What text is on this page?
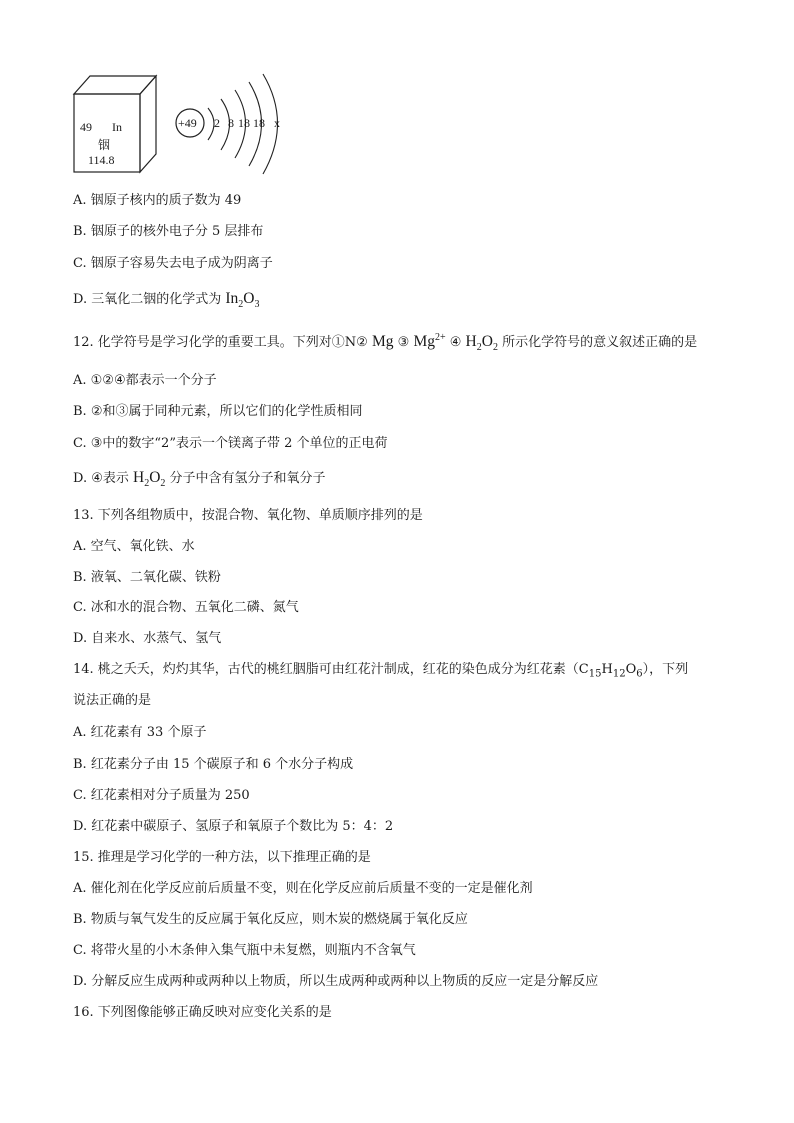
49 In
铟
114.8
+49 2 8 18 18 x
A. 铟原子核内的质子数为 49
B. 铟原子的核外电子分 5 层排布
C. 铟原子容易失去电子成为阴离子
D. 三氧化二铟的化学式为 $In_2O_3$
12. 化学符号是学习化学的重要工具。下列对①N② Mg ③ $Mg^{2+}$ ④ $H_2O_2$ 所示化学符号的意义叙述正确的是
A. ①②④都表示一个分子
B. ②和③属于同种元素，所以它们的化学性质相同
C. ③中的数字“2”表示一个镁离子带 2 个单位的正电荷
D. ④表示 $H_2O_2$ 分子中含有氢分子和氧分子
13. 下列各组物质中，按混合物、氧化物、单质顺序排列的是
A. 空气、氧化铁、水
B. 液氧、二氧化碳、铁粉
C. 冰和水的混合物、五氧化二磷、氮气
D. 自来水、水蒸气、氢气
14. 桃之夭夭，灼灼其华，古代的桃红胭脂可由红花汁制成，红花的染色成分为红花素$(C_{15}H_{12}O_6)$，下列
说法正确的是
A. 红花素有 33 个原子
B. 红花素分子由 15 个碳原子和 6 个水分子构成
C. 红花素相对分子质量为 250
D. 红花素中碳原子、氢原子和氧原子个数比为 5：4：2
15. 推理是学习化学的一种方法，以下推理正确的是
A. 催化剂在化学反应前后质量不变，则在化学反应前后质量不变的一定是催化剂
B. 物质与氧气发生的反应属于氧化反应，则木炭的燃烧属于氧化反应
C. 将带火星的小木条伸入集气瓶中未复燃，则瓶内不含氧气
D. 分解反应生成两种或两种以上物质，所以生成两种或两种以上物质的反应一定是分解反应
16. 下列图像能够正确反映对应变化关系的是
